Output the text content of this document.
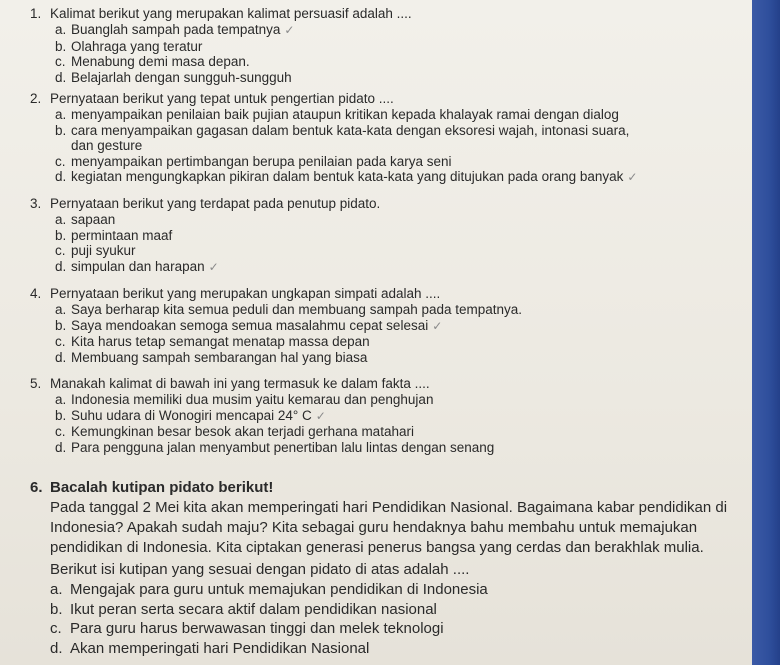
1. Kalimat berikut yang merupakan kalimat persuasif adalah ....
a. Buanglah sampah pada tempatnya ✓
b. Olahraga yang teratur
c. Menabung demi masa depan.
d. Belajarlah dengan sungguh-sungguh
2. Pernyataan berikut yang tepat untuk pengertian pidato ....
a. menyampaikan penilaian baik pujian ataupun kritikan kepada khalayak ramai dengan dialog
b. cara menyampaikan gagasan dalam bentuk kata-kata dengan eksoresi wajah, intonasi suara,
dan gesture
c. menyampaikan pertimbangan berupa penilaian pada karya seni
d. kegiatan mengungkapkan pikiran dalam bentuk kata-kata yang ditujukan pada orang banyak ✓
3. Pernyataan berikut yang terdapat pada penutup pidato.
a. sapaan
b. permintaan maaf
c. puji syukur
d. simpulan dan harapan ✓
4. Pernyataan berikut yang merupakan ungkapan simpati adalah ....
a. Saya berharap kita semua peduli dan membuang sampah pada tempatnya.
b. Saya mendoakan semoga semua masalahmu cepat selesai ✓
c. Kita harus tetap semangat menatap massa depan
d. Membuang sampah sembarangan hal yang biasa
5. Manakah kalimat di bawah ini yang termasuk ke dalam fakta ....
a. Indonesia memiliki dua musim yaitu kemarau dan penghujan
b. Suhu udara di Wonogiri mencapai 24° C ✓
c. Kemungkinan besar besok akan terjadi gerhana matahari
d. Para pengguna jalan menyambut penertiban lalu lintas dengan senang
6. Bacalah kutipan pidato berikut!
Pada tanggal 2 Mei kita akan memperingati hari Pendidikan Nasional. Bagaimana kabar pendidikan di Indonesia? Apakah sudah maju? Kita sebagai guru hendaknya bahu membahu untuk memajukan pendidikan di Indonesia. Kita ciptakan generasi penerus bangsa yang cerdas dan berakhlak mulia.
Berikut isi kutipan yang sesuai dengan pidato di atas adalah ....
a. Mengajak para guru untuk memajukan pendidikan di Indonesia
b. Ikut peran serta secara aktif dalam pendidikan nasional
c. Para guru harus berwawasan tinggi dan melek teknologi
d. Akan memperingati hari Pendidikan Nasional
